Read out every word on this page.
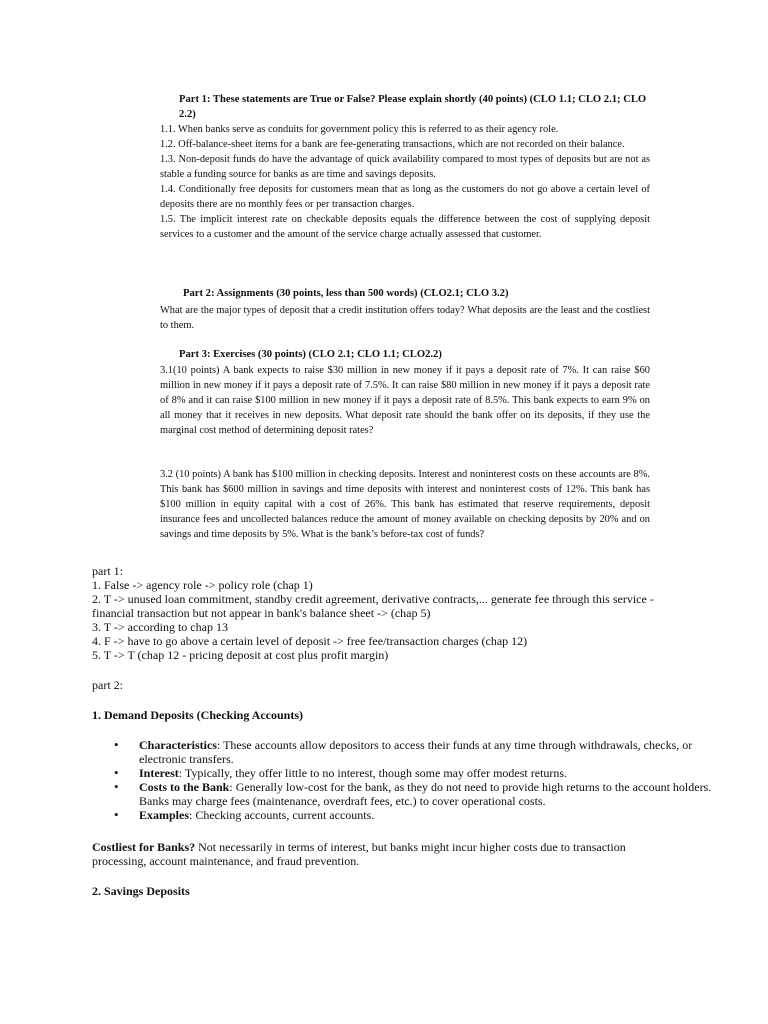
Part 1: These statements are True or False? Please explain shortly (40 points) (CLO 1.1; CLO 2.1; CLO 2.2)

1.1. When banks serve as conduits for government policy this is referred to as their agency role.

1.2. Off-balance-sheet items for a bank are fee-generating transactions, which are not recorded on their balance.

1.3. Non-deposit funds do have the advantage of quick availability compared to most types of deposits but are not as stable a funding source for banks as are time and savings deposits.

1.4. Conditionally free deposits for customers mean that as long as the customers do not go above a certain level of deposits there are no monthly fees or per transaction charges.

1.5. The implicit interest rate on checkable deposits equals the difference between the cost of supplying deposit services to a customer and the amount of the service charge actually assessed that customer.

Part 2: Assignments (30 points, less than 500 words) (CLO2.1; CLO 3.2)
What are the major types of deposit that a credit institution offers today? What deposits are the least and the costliest to them.
Part 3: Exercises (30 points) (CLO 2.1; CLO 1.1; CLO2.2)
3.1(10 points) A bank expects to raise $30 million in new money if it pays a deposit rate of 7%. It can raise $60 million in new money if it pays a deposit rate of 7.5%. It can raise $80 million in new money if it pays a deposit rate of 8% and it can raise $100 million in new money if it pays a deposit rate of 8.5%. This bank expects to earn 9% on all money that it receives in new deposits. What deposit rate should the bank offer on its deposits, if they use the marginal cost method of determining deposit rates?
3.2 (10 points) A bank has $100 million in checking deposits. Interest and noninterest costs on these accounts are 8%. This bank has $600 million in savings and time deposits with interest and noninterest costs of 12%. This bank has $100 million in equity capital with a cost of 26%. This bank has estimated that reserve requirements, deposit insurance fees and uncollected balances reduce the amount of money available on checking deposits by 20% and on savings and time deposits by 5%. What is the bank’s before-tax cost of funds?

part 1:

1. False -> agency role -> policy role (chap 1)

2. T -> unused loan commitment, standby credit agreement, derivative contracts,... generate fee through this service - financial transaction but not appear in bank's balance sheet -> (chap 5)

3. T -> according to chap 13

4. F -> have to go above a certain level of deposit -> free fee/transaction charges (chap 12)

5. T -> T (chap 12 - pricing deposit at cost plus profit margin)

part 2:
1. Demand Deposits (Checking Accounts)
• Characteristics: These accounts allow depositors to access their funds at any time through withdrawals, checks, or electronic transfers.
• Interest: Typically, they offer little to no interest, though some may offer modest returns.
• Costs to the Bank: Generally low-cost for the bank, as they do not need to provide high returns to the account holders. Banks may charge fees (maintenance, overdraft fees, etc.) to cover operational costs.
• Examples: Checking accounts, current accounts.
Costliest for Banks? Not necessarily in terms of interest, but banks might incur higher costs due to transaction processing, account maintenance, and fraud prevention.
2. Savings Deposits
